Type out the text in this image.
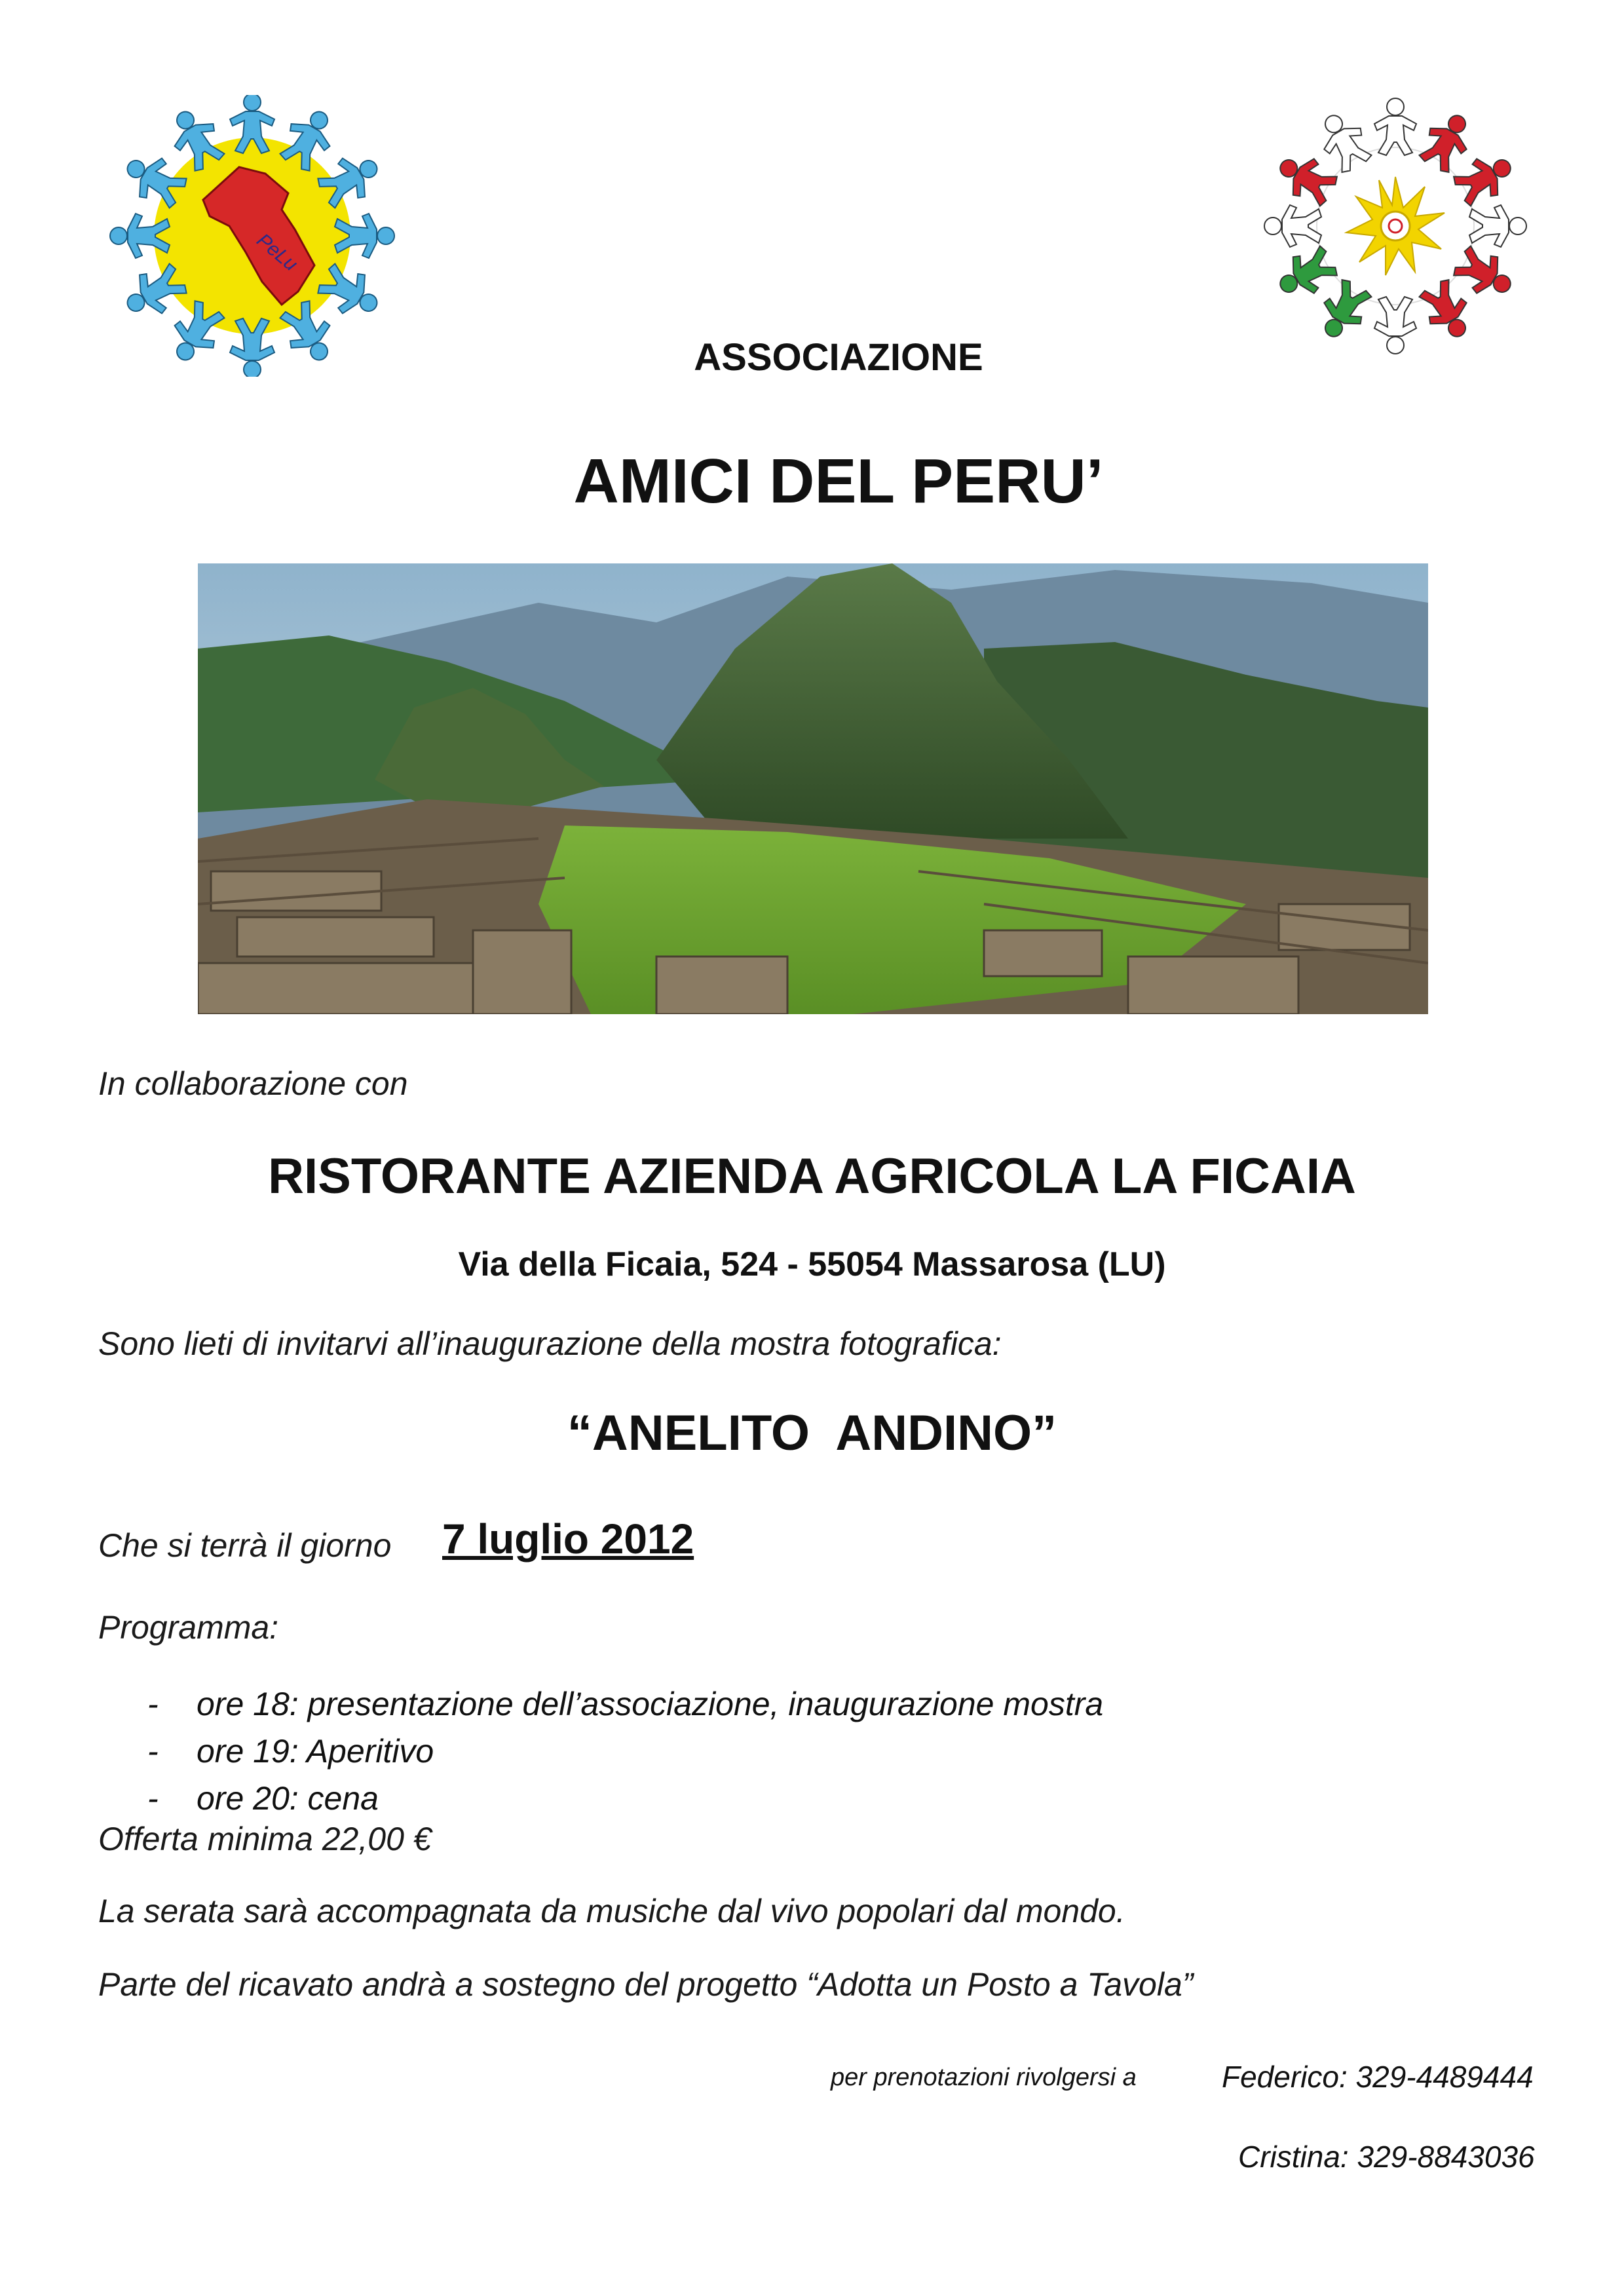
PeLu
ASSOCIAZIONE
AMICI DEL PERU’
In collaborazione con
RISTORANTE AZIENDA AGRICOLA LA FICAIA
Via della Ficaia, 524 - 55054 Massarosa (LU)
Sono lieti di invitarvi all’inaugurazione della mostra fotografica:
“ANELITO  ANDINO”
Che si terrà il giorno 7 luglio 2012
Programma:
- ore 18: presentazione dell’associazione, inaugurazione mostra
- ore 19: Aperitivo
- ore 20: cena
Offerta minima 22,00 €
La serata sarà accompagnata da musiche dal vivo popolari dal mondo.
Parte del ricavato andrà a sostegno del progetto “Adotta un Posto a Tavola”
per prenotazioni rivolgersi a	Federico: 329-4489444
Cristina: 329-8843036
